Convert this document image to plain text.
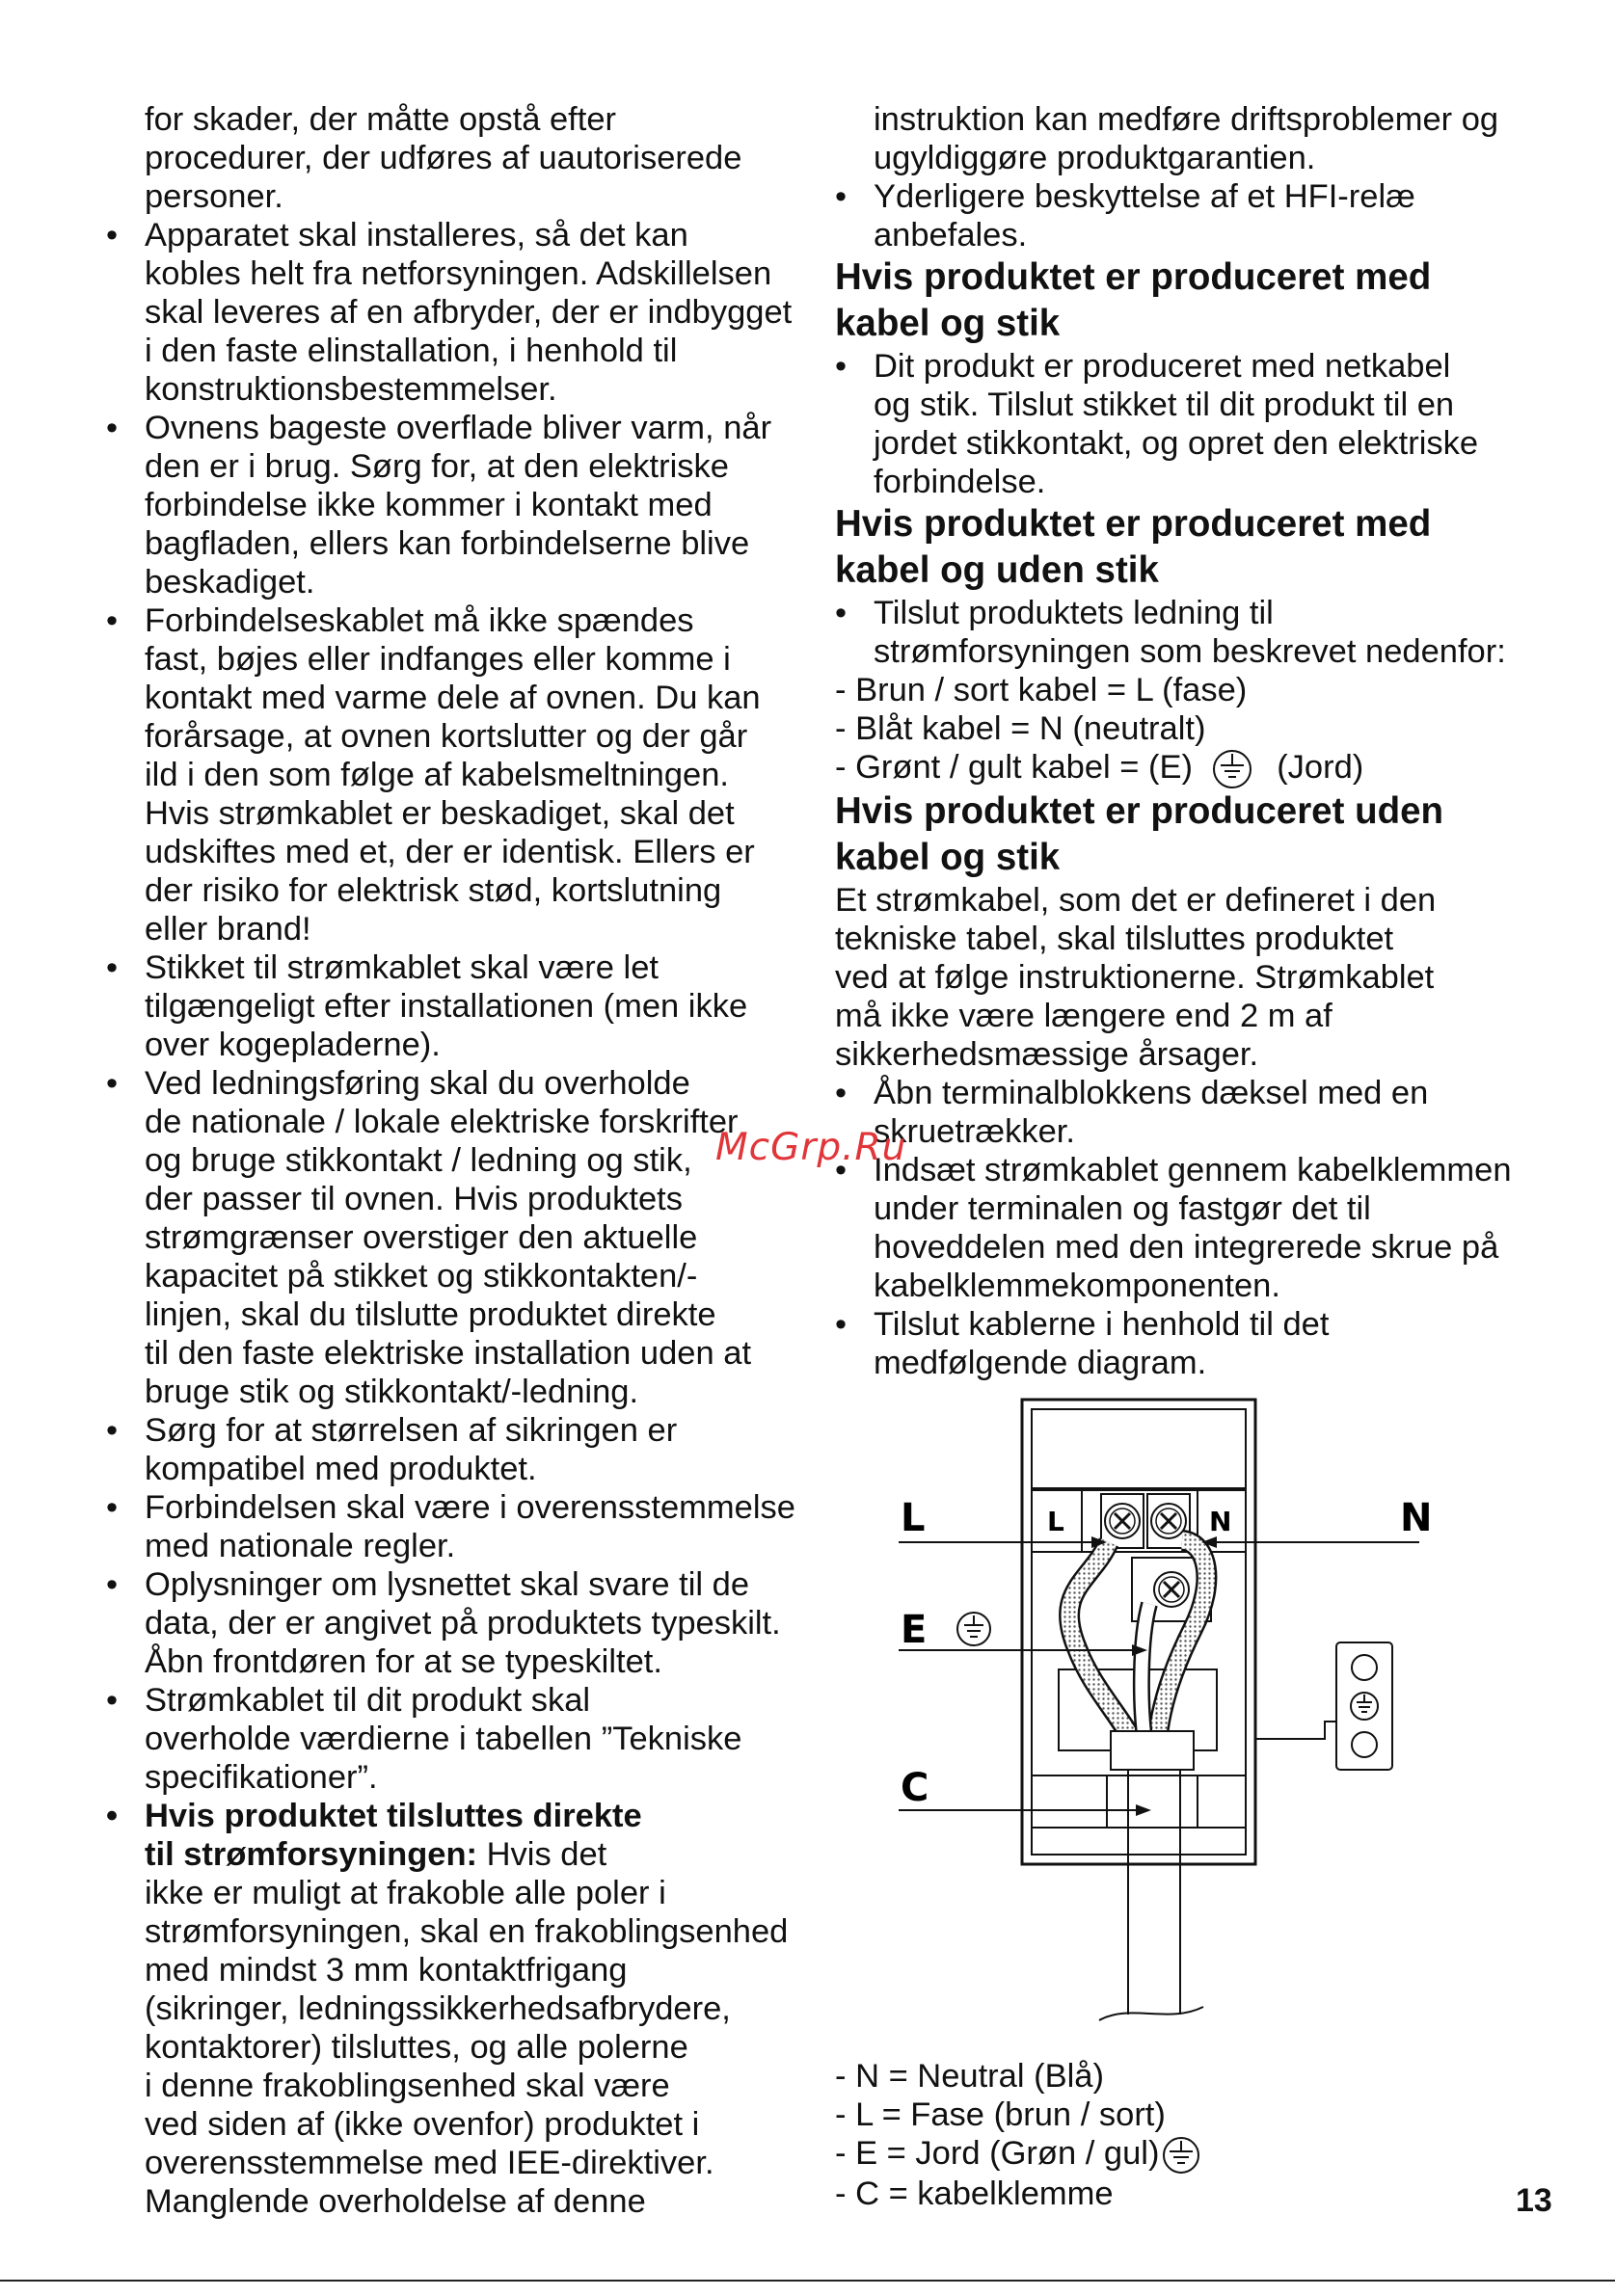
for skader, der måtte opstå efter
procedurer, der udføres af uautoriserede
personer.
• Apparatet skal installeres, så det kan
kobles helt fra netforsyningen. Adskillelsen
skal leveres af en afbryder, der er indbygget
i den faste elinstallation, i henhold til
konstruktionsbestemmelser.
• Ovnens bageste overflade bliver varm, når
den er i brug. Sørg for, at den elektriske
forbindelse ikke kommer i kontakt med
bagfladen, ellers kan forbindelserne blive
beskadiget.
• Forbindelseskablet må ikke spændes
fast, bøjes eller indfanges eller komme i
kontakt med varme dele af ovnen. Du kan
forårsage, at ovnen kortslutter og der går
ild i den som følge af kabelsmeltningen.
Hvis strømkablet er beskadiget, skal det
udskiftes med et, der er identisk. Ellers er
der risiko for elektrisk stød, kortslutning
eller brand!
• Stikket til strømkablet skal være let
tilgængeligt efter installationen (men ikke
over kogepladerne).
• Ved ledningsføring skal du overholde
de nationale / lokale elektriske forskrifter
og bruge stikkontakt / ledning og stik,
der passer til ovnen. Hvis produktets
strømgrænser overstiger den aktuelle
kapacitet på stikket og stikkontakten/-
linjen, skal du tilslutte produktet direkte
til den faste elektriske installation uden at
bruge stik og stikkontakt/-ledning.
• Sørg for at størrelsen af sikringen er
kompatibel med produktet.
• Forbindelsen skal være i overensstemmelse
med nationale regler.
• Oplysninger om lysnettet skal svare til de
data, der er angivet på produktets typeskilt.
Åbn frontdøren for at se typeskiltet.
• Strømkablet til dit produkt skal
overholde værdierne i tabellen ”Tekniske
specifikationer”.
• Hvis produktet tilsluttes direkte
til strømforsyningen: Hvis det
ikke er muligt at frakoble alle poler i
strømforsyningen, skal en frakoblingsenhed
med mindst 3 mm kontaktfrigang
(sikringer, ledningssikkerhedsafbrydere,
kontaktorer) tilsluttes, og alle polerne
i denne frakoblingsenhed skal være
ved siden af (ikke ovenfor) produktet i
overensstemmelse med IEE-direktiver.
Manglende overholdelse af denne
instruktion kan medføre driftsproblemer og
ugyldiggøre produktgarantien.
• Yderligere beskyttelse af et HFI-relæ
anbefales.
Hvis produktet er produceret med
kabel og stik
• Dit produkt er produceret med netkabel
og stik. Tilslut stikket til dit produkt til en
jordet stikkontakt, og opret den elektriske
forbindelse.
Hvis produktet er produceret med
kabel og uden stik
• Tilslut produktets ledning til
strømforsyningen som beskrevet nedenfor:
- Brun / sort kabel = L (fase)
- Blåt kabel = N (neutralt)
- Grønt / gult kabel = (E)	(Jord)
Hvis produktet er produceret uden
kabel og stik
Et strømkabel, som det er defineret i den
tekniske tabel, skal tilsluttes produktet
ved at følge instruktionerne. Strømkablet
må ikke være længere end 2 m af
sikkerhedsmæssige årsager.
• Åbn terminalblokkens dæksel med en
skruetrækker.
• Indsæt strømkablet gennem kabelklemmen
under terminalen og fastgør det til
hoveddelen med den integrerede skrue på
kabelklemmekomponenten.
• Tilslut kablerne i henhold til det
medfølgende diagram.
L	N
L	N
E
C
- N = Neutral (Blå)
- L = Fase (brun / sort)
- E = Jord (Grøn / gul)
- C = kabelklemme
McGrp.Ru
13
